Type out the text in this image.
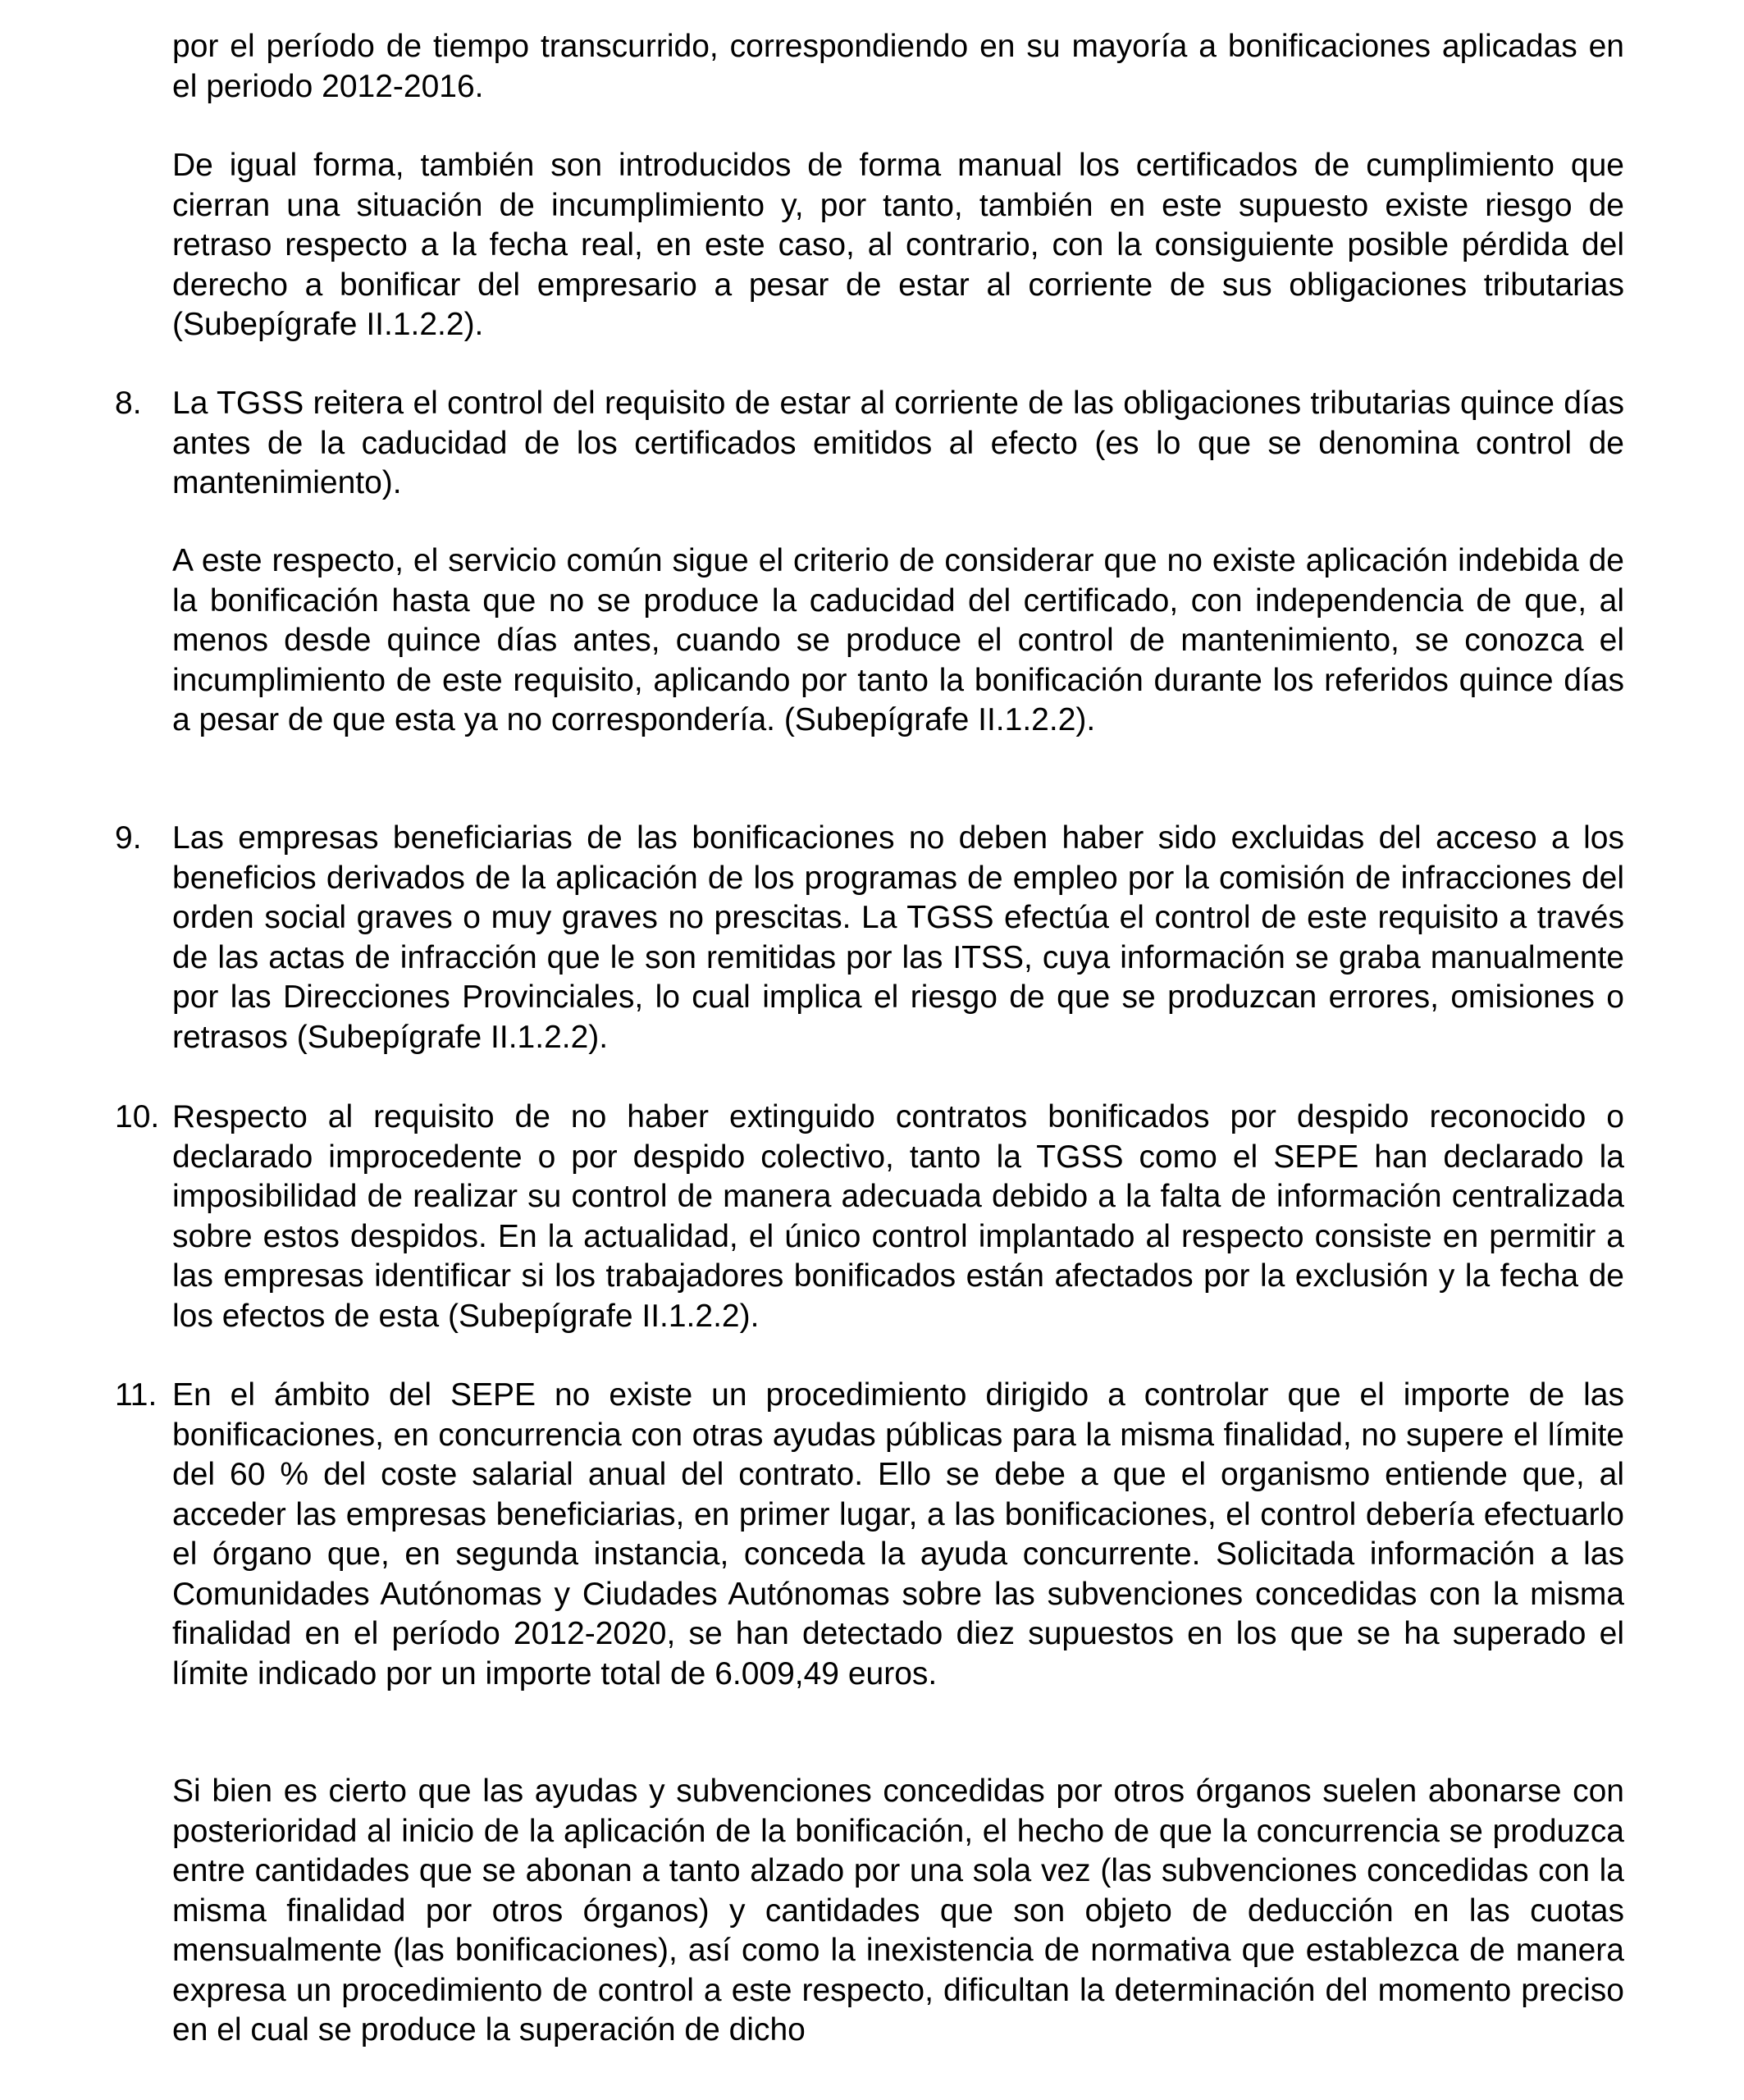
por el período de tiempo transcurrido, correspondiendo en su mayoría a bonificaciones aplicadas en el periodo 2012-2016.

De igual forma, también son introducidos de forma manual los certificados de cumplimiento que cierran una situación de incumplimiento y, por tanto, también en este supuesto existe riesgo de retraso respecto a la fecha real, en este caso, al contrario, con la consiguiente posible pérdida del derecho a bonificar del empresario a pesar de estar al corriente de sus obligaciones tributarias (Subepígrafe II.1.2.2).

8. La TGSS reitera el control del requisito de estar al corriente de las obligaciones tributarias quince días antes de la caducidad de los certificados emitidos al efecto (es lo que se denomina control de mantenimiento).

A este respecto, el servicio común sigue el criterio de considerar que no existe aplicación indebida de la bonificación hasta que no se produce la caducidad del certificado, con independencia de que, al menos desde quince días antes, cuando se produce el control de mantenimiento, se conozca el incumplimiento de este requisito, aplicando por tanto la bonificación durante los referidos quince días a pesar de que esta ya no correspondería. (Subepígrafe II.1.2.2).

9. Las empresas beneficiarias de las bonificaciones no deben haber sido excluidas del acceso a los beneficios derivados de la aplicación de los programas de empleo por la comisión de infracciones del orden social graves o muy graves no prescitas. La TGSS efectúa el control de este requisito a través de las actas de infracción que le son remitidas por las ITSS, cuya información se graba manualmente por las Direcciones Provinciales, lo cual implica el riesgo de que se produzcan errores, omisiones o retrasos (Subepígrafe II.1.2.2).

10. Respecto al requisito de no haber extinguido contratos bonificados por despido reconocido o declarado improcedente o por despido colectivo, tanto la TGSS como el SEPE han declarado la imposibilidad de realizar su control de manera adecuada debido a la falta de información centralizada sobre estos despidos. En la actualidad, el único control implantado al respecto consiste en permitir a las empresas identificar si los trabajadores bonificados están afectados por la exclusión y la fecha de los efectos de esta (Subepígrafe II.1.2.2).

11. En el ámbito del SEPE no existe un procedimiento dirigido a controlar que el importe de las bonificaciones, en concurrencia con otras ayudas públicas para la misma finalidad, no supere el límite del 60 % del coste salarial anual del contrato. Ello se debe a que el organismo entiende que, al acceder las empresas beneficiarias, en primer lugar, a las bonificaciones, el control debería efectuarlo el órgano que, en segunda instancia, conceda la ayuda concurrente. Solicitada información a las Comunidades Autónomas y Ciudades Autónomas sobre las subvenciones concedidas con la misma finalidad en el período 2012-2020, se han detectado diez supuestos en los que se ha superado el límite indicado por un importe total de 6.009,49 euros.

Si bien es cierto que las ayudas y subvenciones concedidas por otros órganos suelen abonarse con posterioridad al inicio de la aplicación de la bonificación, el hecho de que la concurrencia se produzca entre cantidades que se abonan a tanto alzado por una sola vez (las subvenciones concedidas con la misma finalidad por otros órganos) y cantidades que son objeto de deducción en las cuotas mensualmente (las bonificaciones), así como la inexistencia de normativa que establezca de manera expresa un procedimiento de control a este respecto, dificultan la determinación del momento preciso en el cual se produce la superación de dicho
